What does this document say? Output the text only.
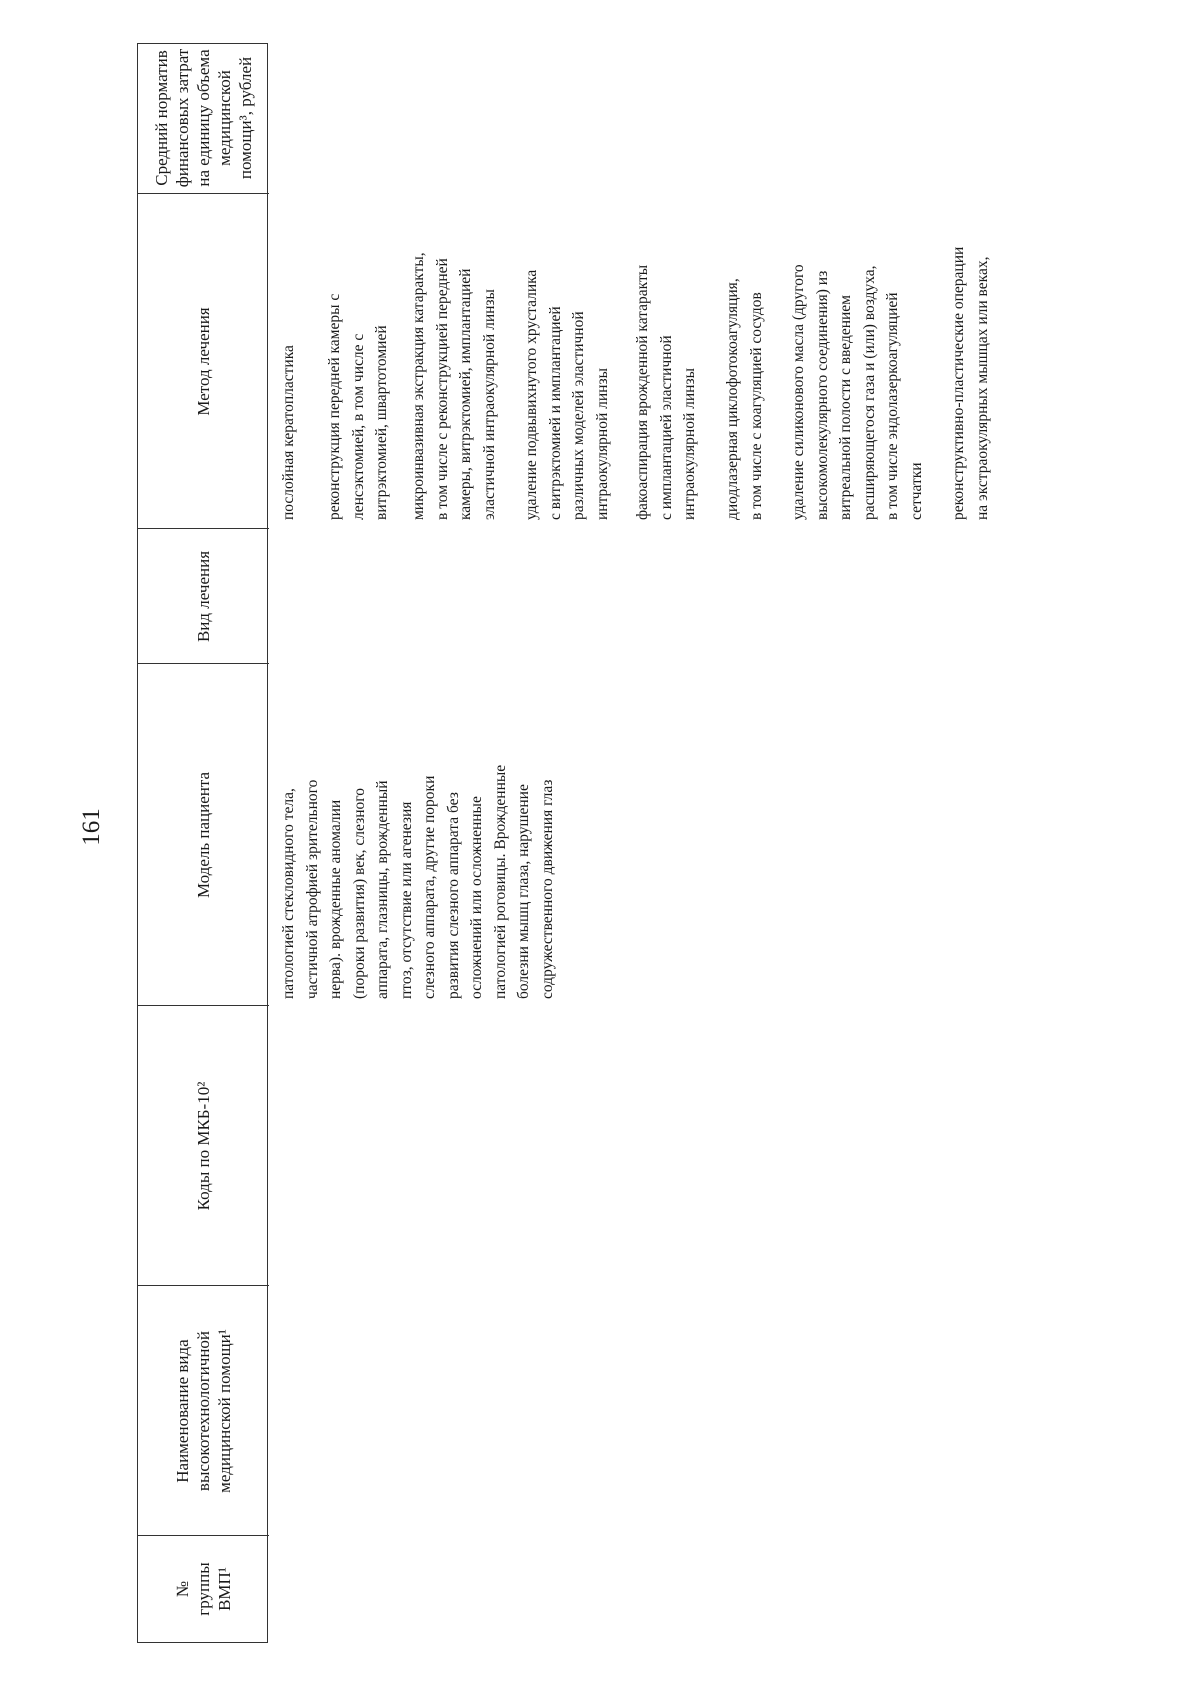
161
№
группы
ВМП¹
Наименование вида
высокотехнологичной
медицинской помощи¹
Коды по МКБ-10²
Модель пациента
Вид лечения
Метод лечения
Средний норматив
финансовых затрат
на единицу объема
медицинской
помощи³, рублей
патологией стекловидного тела,
частичной атрофией зрительного
нерва). врожденные аномалии
(пороки развития) век, слезного
аппарата, глазницы, врожденный
птоз, отсутствие или агенезия
слезного аппарата, другие пороки
развития слезного аппарата без
осложнений или осложненные
патологией роговицы. Врожденные
болезни мышц глаза, нарушение
содружественного движения глаз
послойная кератопластика реконструкция передней камеры с
ленсэктомией, в том числе с
витрэктомией, швартотомией
микроинвазивная экстракция катаракты,
в том числе с реконструкцией передней
камеры, витрэктомией, имплантацией
эластичной интраокулярной линзы
удаление подвывихнутого хрусталика
с витрэктомией и имплантацией
различных моделей эластичной
интраокулярной линзы
факоаспирация врожденной катаракты
с имплантацией эластичной
интраокулярной линзы
диодлазерная циклофотокоагуляция,
в том числе с коагуляцией сосудов
удаление силиконового масла (другого
высокомолекулярного соединения) из
витреальной полости с введением
расширяющегося газа и (или) воздуха,
в том числе эндолазеркоагуляцией
сетчатки реконструктивно-пластические операции
на экстраокулярных мышцах или веках,
